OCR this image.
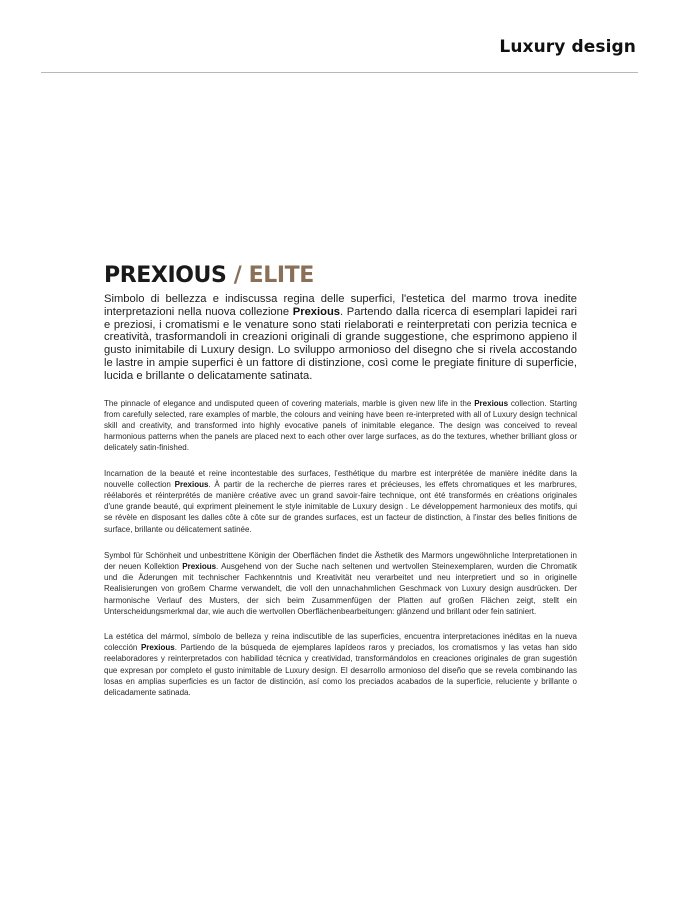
Luxury design
PREXIOUS / ELITE

Simbolo di bellezza e indiscussa regina delle superfici, l'estetica del marmo trova inedite interpretazioni nella nuova collezione Prexious. Partendo dalla ricerca di esemplari lapidei rari e preziosi, i cromatismi e le venature sono stati rielaborati e reinterpretati con perizia tecnica e creatività, trasformandoli in creazioni originali di grande suggestione, che esprimono appieno il gusto inimitabile di Luxury design. Lo sviluppo armonioso del disegno che si rivela accostando le lastre in ampie superfici è un fattore di distinzione, così come le pregiate finiture di superficie, lucida e brillante o delicatamente satinata.

The pinnacle of elegance and undisputed queen of covering materials, marble is given new life in the Prexious collection. Starting from carefully selected, rare examples of marble, the colours and veining have been re-interpreted with all of Luxury design technical skill and creativity, and transformed into highly evocative panels of inimitable elegance. The design was conceived to reveal harmonious patterns when the panels are placed next to each other over large surfaces, as do the textures, whether brilliant gloss or delicately satin-finished.

Incarnation de la beauté et reine incontestable des surfaces, l'esthétique du marbre est interprétée de manière inédite dans la nouvelle collection Prexious. À partir de la recherche de pierres rares et précieuses, les effets chromatiques et les marbrures, réélaborés et réinterprétés de manière créative avec un grand savoir-faire technique, ont été transformés en créations originales d'une grande beauté, qui expriment pleinement le style inimitable de Luxury design . Le développement harmonieux des motifs, qui se révèle en disposant les dalles côte à côte sur de grandes surfaces, est un facteur de distinction, à l'instar des belles finitions de surface, brillante ou délicatement satinée.

Symbol für Schönheit und unbestrittene Königin der Oberflächen findet die Ästhetik des Marmors ungewöhnliche Interpretationen in der neuen Kollektion Prexious. Ausgehend von der Suche nach seltenen und wertvollen Steinexemplaren, wurden die Chromatik und die Äderungen mit technischer Fachkenntnis und Kreativität neu verarbeitet und neu interpretiert und so in originelle Realisierungen von großem Charme verwandelt, die voll den unnachahmlichen Geschmack von Luxury design ausdrücken. Der harmonische Verlauf des Musters, der sich beim Zusammenfügen der Platten auf großen Flächen zeigt, stellt ein Unterscheidungsmerkmal dar, wie auch die wertvollen Oberflächenbearbeitungen: glänzend und brillant oder fein satiniert.

La estética del mármol, símbolo de belleza y reina indiscutible de las superficies, encuentra interpretaciones inéditas en la nueva colección Prexious. Partiendo de la búsqueda de ejemplares lapídeos raros y preciados, los cromatismos y las vetas han sido reelaboradores y reinterpretados con habilidad técnica y creatividad, transformándolos en creaciones originales de gran sugestión que expresan por completo el gusto inimitable de Luxury design. El desarrollo armonioso del diseño que se revela combinando las losas en amplias superficies es un factor de distinción, así como los preciados acabados de la superficie, reluciente y brillante o delicadamente satinada.
